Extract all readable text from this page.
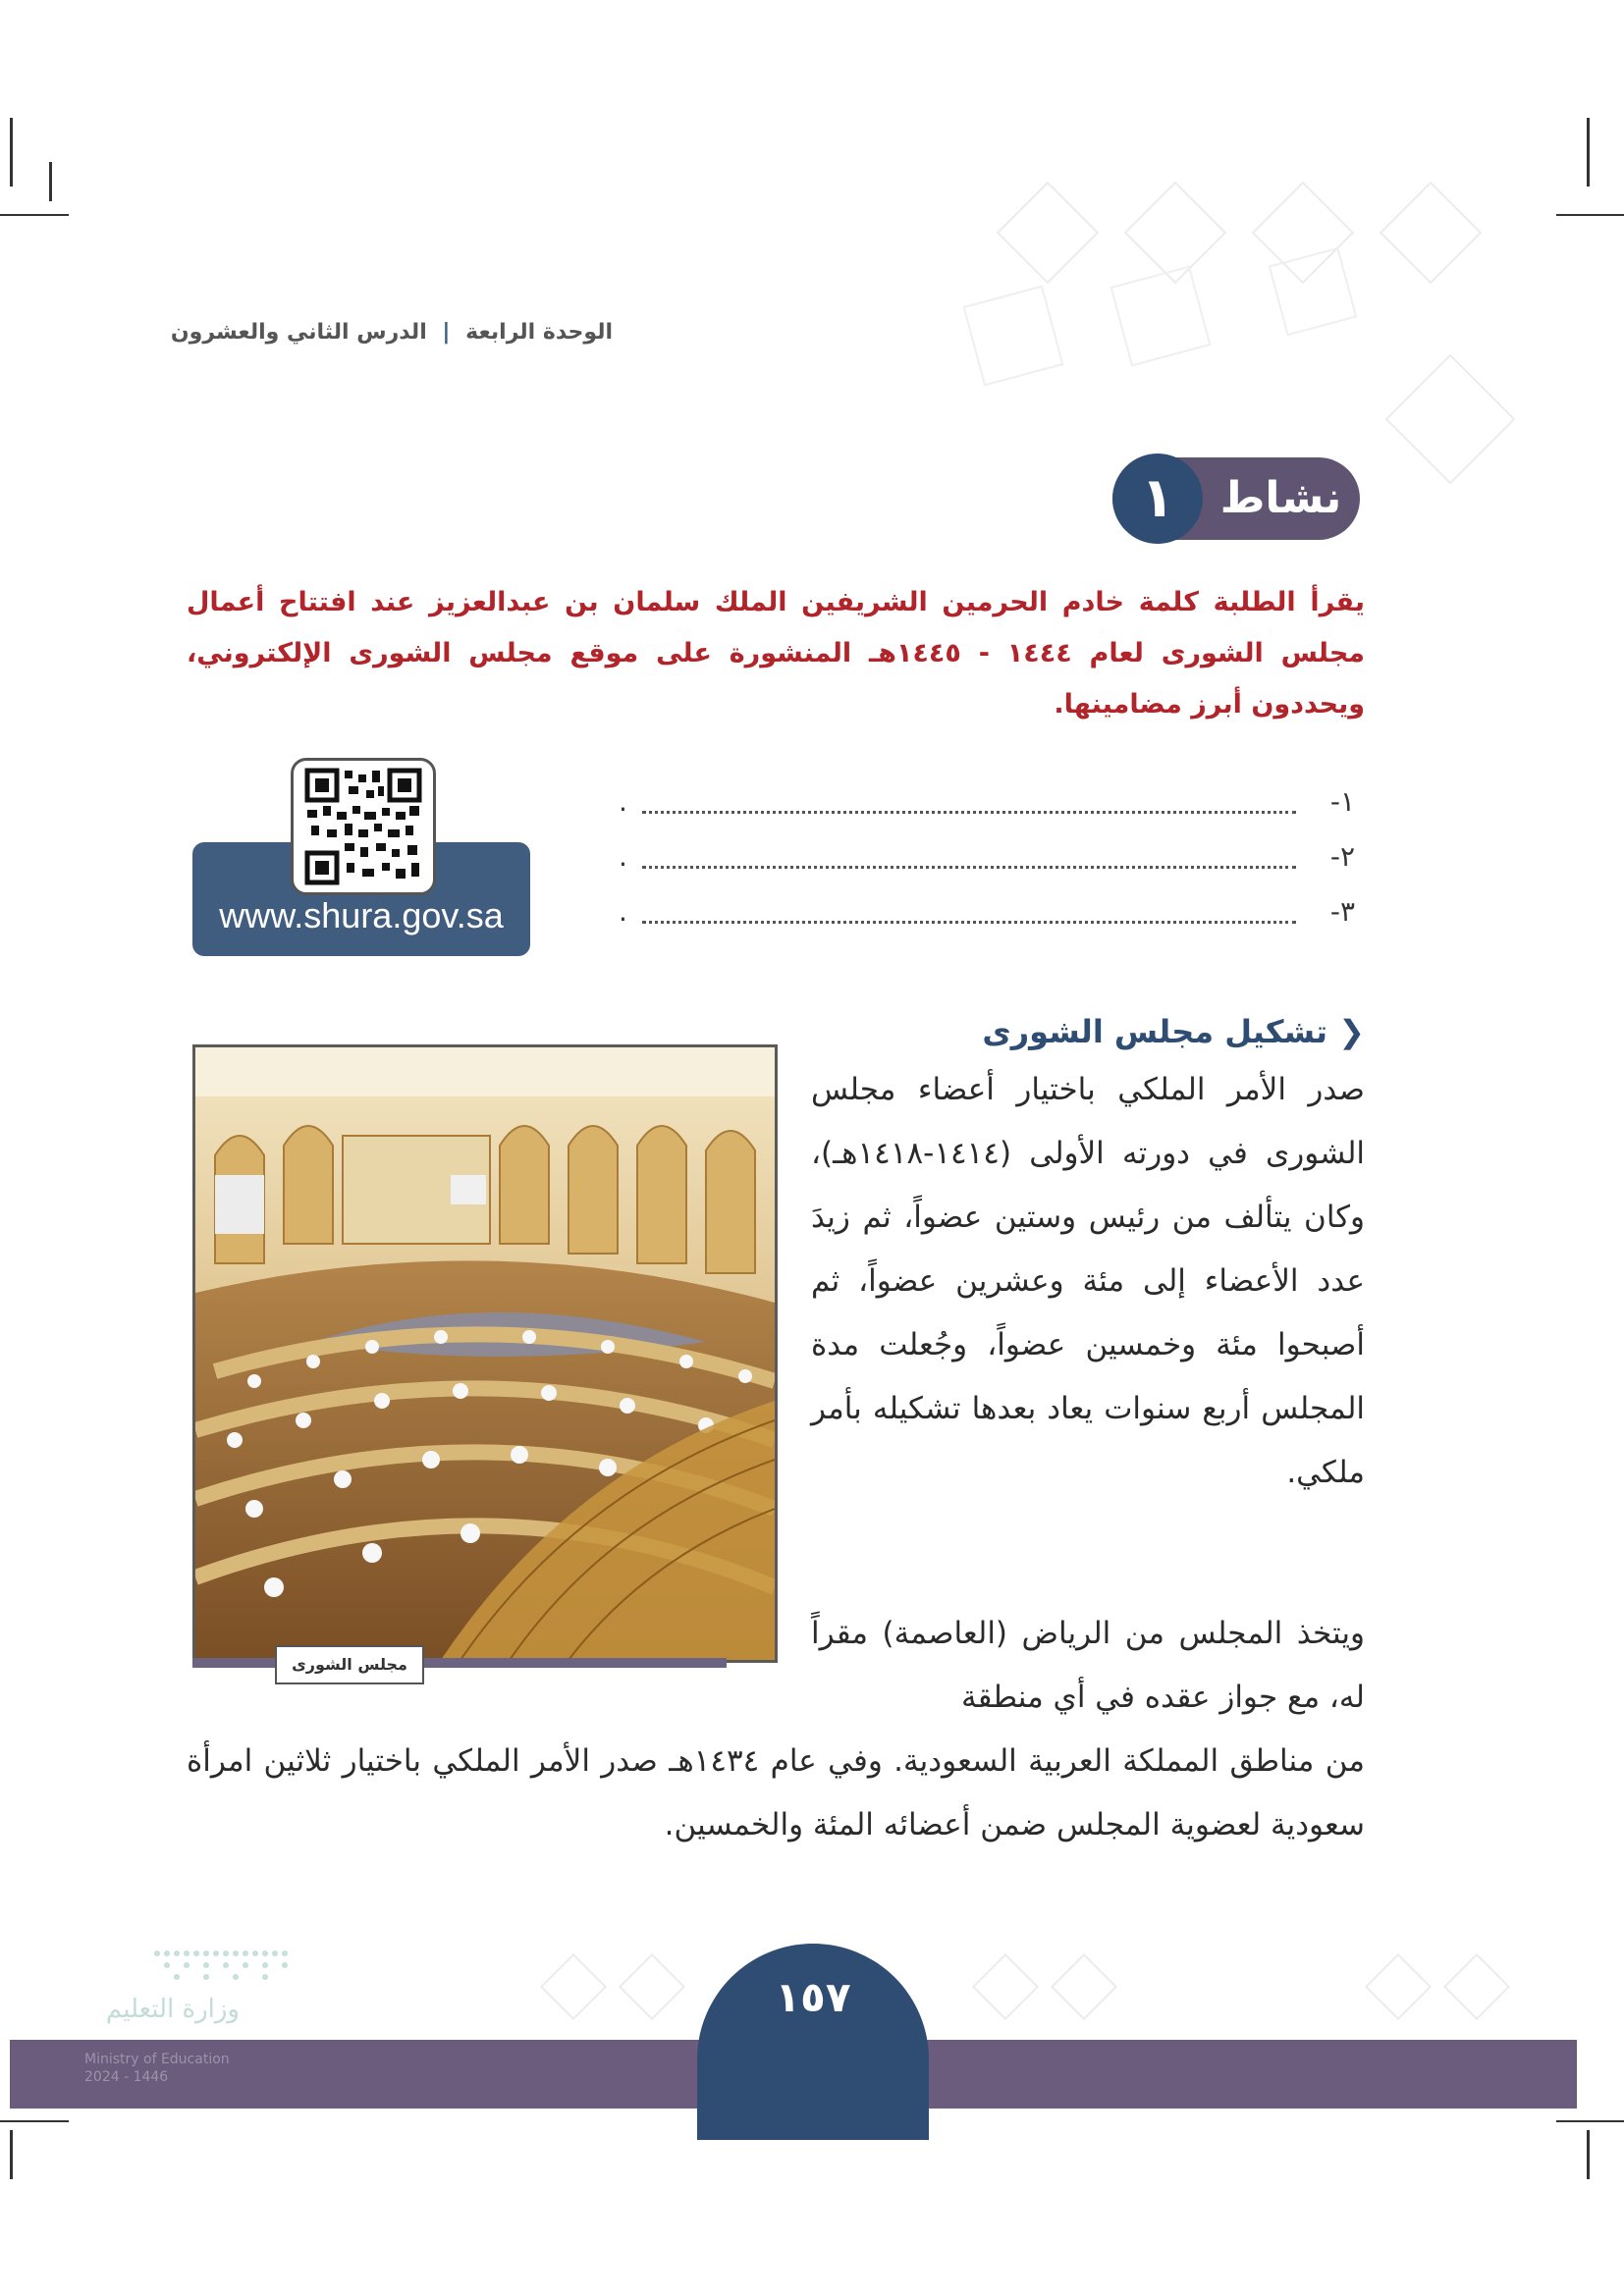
الوحدة الرابعة | الدرس الثاني والعشرون
١	نشاط
يقرأ الطلبة كلمة خادم الحرمين الشريفين الملك سلمان بن عبدالعزيز عند افتتاح أعمال مجلس الشورى لعام ١٤٤٤ - ١٤٤٥هـ المنشورة على موقع مجلس الشورى الإلكتروني، ويحددون أبرز مضامينها.
١-
.
٢-
.
٣-
.
www.shura.gov.sa
❮ تشكيل مجلس الشورى
مجلس الشورى
صدر الأمر الملكي باختيار أعضاء مجلس الشورى في دورته الأولى (١٤١٤-١٤١٨هـ)، وكان يتألف من رئيس وستين عضواً، ثم زيدَ عدد الأعضاء إلى مئة وعشرين عضواً، ثم أصبحوا مئة وخمسين عضواً، وجُعلت مدة المجلس أربع سنوات يعاد بعدها تشكيله بأمر ملكي.
ويتخذ المجلس من الرياض (العاصمة) مقراً له، مع جواز عقده في أي منطقة
من مناطق المملكة العربية السعودية. وفي عام ١٤٣٤هـ صدر الأمر الملكي باختيار ثلاثين امرأة سعودية لعضوية المجلس ضمن أعضائه المئة والخمسين.
١٥٧
وزارة التعليم
Ministry of Education
2024 - 1446
